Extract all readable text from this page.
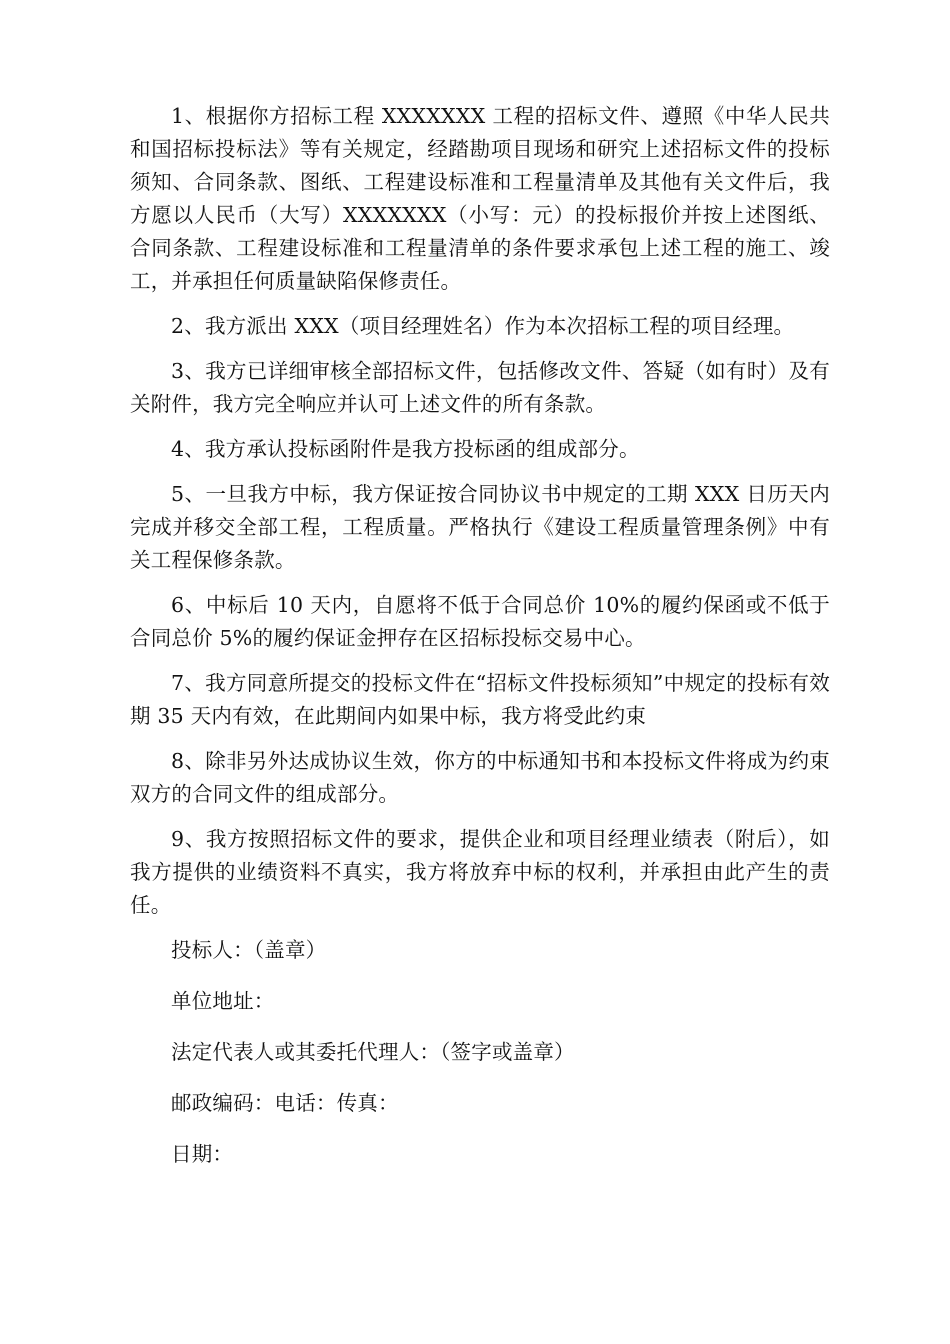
1、根据你方招标工程 XXXXXXX 工程的招标文件、遵照《中华人民共和国招标投标法》等有关规定，经踏勘项目现场和研究上述招标文件的投标须知、合同条款、图纸、工程建设标准和工程量清单及其他有关文件后，我方愿以人民币（大写）XXXXXXX（小写：元）的投标报价并按上述图纸、合同条款、工程建设标准和工程量清单的条件要求承包上述工程的施工、竣工，并承担任何质量缺陷保修责任。

2、我方派出 XXX（项目经理姓名）作为本次招标工程的项目经理。

3、我方已详细审核全部招标文件，包括修改文件、答疑（如有时）及有关附件，我方完全响应并认可上述文件的所有条款。

4、我方承认投标函附件是我方投标函的组成部分。

5、一旦我方中标，我方保证按合同协议书中规定的工期 XXX 日历天内完成并移交全部工程，工程质量。严格执行《建设工程质量管理条例》中有关工程保修条款。

6、中标后 10 天内，自愿将不低于合同总价 10%的履约保函或不低于合同总价 5%的履约保证金押存在区招标投标交易中心。

7、我方同意所提交的投标文件在“招标文件投标须知”中规定的投标有效期 35 天内有效，在此期间内如果中标，我方将受此约束

8、除非另外达成协议生效，你方的中标通知书和本投标文件将成为约束双方的合同文件的组成部分。

9、我方按照招标文件的要求，提供企业和项目经理业绩表（附后），如我方提供的业绩资料不真实，我方将放弃中标的权利，并承担由此产生的责任。

投标人：（盖章）

单位地址：

法定代表人或其委托代理人：（签字或盖章）

邮政编码：电话：传真：

日期：
